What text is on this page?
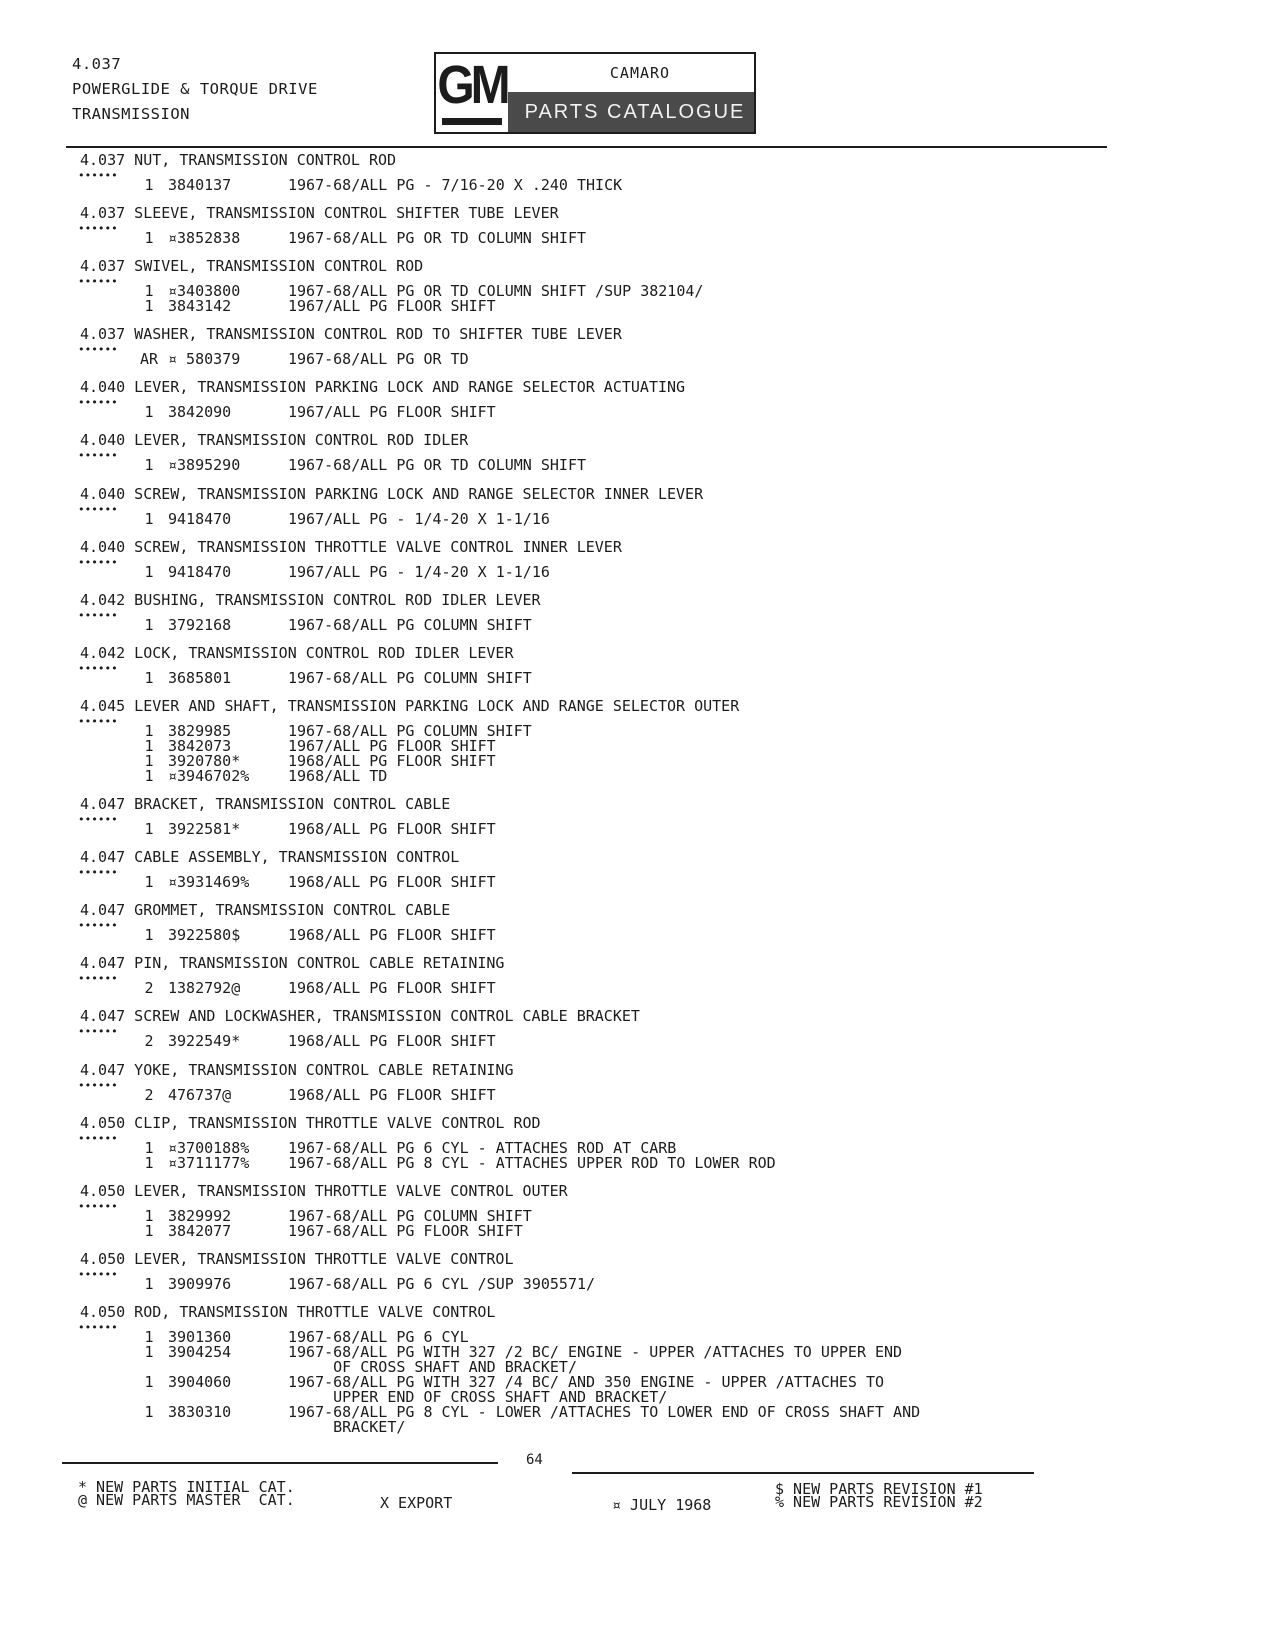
4.037
POWERGLIDE & TORQUE DRIVE
TRANSMISSION	GM	CAMARO
PARTS CATALOGUE
4.037 NUT, TRANSMISSION CONTROL ROD
••••••
1 3840137	1967-68/ALL PG - 7/16-20 X .240 THICK
4.037 SLEEVE, TRANSMISSION CONTROL SHIFTER TUBE LEVER
••••••
1 ¤3852838	1967-68/ALL PG OR TD COLUMN SHIFT
4.037 SWIVEL, TRANSMISSION CONTROL ROD
••••••
1 ¤3403800	1967-68/ALL PG OR TD COLUMN SHIFT /SUP 382104/
1 3843142	1967/ALL PG FLOOR SHIFT
4.037 WASHER, TRANSMISSION CONTROL ROD TO SHIFTER TUBE LEVER
••••••
AR ¤ 580379	1967-68/ALL PG OR TD
4.040 LEVER, TRANSMISSION PARKING LOCK AND RANGE SELECTOR ACTUATING
••••••
1 3842090	1967/ALL PG FLOOR SHIFT
4.040 LEVER, TRANSMISSION CONTROL ROD IDLER
••••••
1 ¤3895290	1967-68/ALL PG OR TD COLUMN SHIFT
4.040 SCREW, TRANSMISSION PARKING LOCK AND RANGE SELECTOR INNER LEVER
••••••
1 9418470	1967/ALL PG - 1/4-20 X 1-1/16
4.040 SCREW, TRANSMISSION THROTTLE VALVE CONTROL INNER LEVER
••••••
1 9418470	1967/ALL PG - 1/4-20 X 1-1/16
4.042 BUSHING, TRANSMISSION CONTROL ROD IDLER LEVER
••••••
1 3792168	1967-68/ALL PG COLUMN SHIFT
4.042 LOCK, TRANSMISSION CONTROL ROD IDLER LEVER
••••••
1 3685801	1967-68/ALL PG COLUMN SHIFT
4.045 LEVER AND SHAFT, TRANSMISSION PARKING LOCK AND RANGE SELECTOR OUTER
••••••
1 3829985	1967-68/ALL PG COLUMN SHIFT
1 3842073	1967/ALL PG FLOOR SHIFT
1 3920780*	1968/ALL PG FLOOR SHIFT
1 ¤3946702%	1968/ALL TD
4.047 BRACKET, TRANSMISSION CONTROL CABLE
••••••
1 3922581*	1968/ALL PG FLOOR SHIFT
4.047 CABLE ASSEMBLY, TRANSMISSION CONTROL
••••••
1 ¤3931469%	1968/ALL PG FLOOR SHIFT
4.047 GROMMET, TRANSMISSION CONTROL CABLE
••••••
1 3922580$	1968/ALL PG FLOOR SHIFT
4.047 PIN, TRANSMISSION CONTROL CABLE RETAINING
••••••
2 1382792@	1968/ALL PG FLOOR SHIFT
4.047 SCREW AND LOCKWASHER, TRANSMISSION CONTROL CABLE BRACKET
••••••
2 3922549*	1968/ALL PG FLOOR SHIFT
4.047 YOKE, TRANSMISSION CONTROL CABLE RETAINING
••••••
2 476737@	1968/ALL PG FLOOR SHIFT
4.050 CLIP, TRANSMISSION THROTTLE VALVE CONTROL ROD
••••••
1 ¤3700188%	1967-68/ALL PG 6 CYL - ATTACHES ROD AT CARB
1 ¤3711177%	1967-68/ALL PG 8 CYL - ATTACHES UPPER ROD TO LOWER ROD
4.050 LEVER, TRANSMISSION THROTTLE VALVE CONTROL OUTER
••••••
1 3829992	1967-68/ALL PG COLUMN SHIFT
1 3842077	1967-68/ALL PG FLOOR SHIFT
4.050 LEVER, TRANSMISSION THROTTLE VALVE CONTROL
••••••
1 3909976	1967-68/ALL PG 6 CYL /SUP 3905571/
4.050 ROD, TRANSMISSION THROTTLE VALVE CONTROL
••••••
1 3901360	1967-68/ALL PG 6 CYL
1 3904254	1967-68/ALL PG WITH 327 /2 BC/ ENGINE - UPPER /ATTACHES TO UPPER END
OF CROSS SHAFT AND BRACKET/
1 3904060	1967-68/ALL PG WITH 327 /4 BC/ AND 350 ENGINE - UPPER /ATTACHES TO
UPPER END OF CROSS SHAFT AND BRACKET/
1 3830310	1967-68/ALL PG 8 CYL - LOWER /ATTACHES TO LOWER END OF CROSS SHAFT AND
BRACKET/
64
* NEW PARTS INITIAL CAT.
@ NEW PARTS MASTER  CAT.	X EXPORT	¤ JULY 1968
$ NEW PARTS REVISION #1
% NEW PARTS REVISION #2
